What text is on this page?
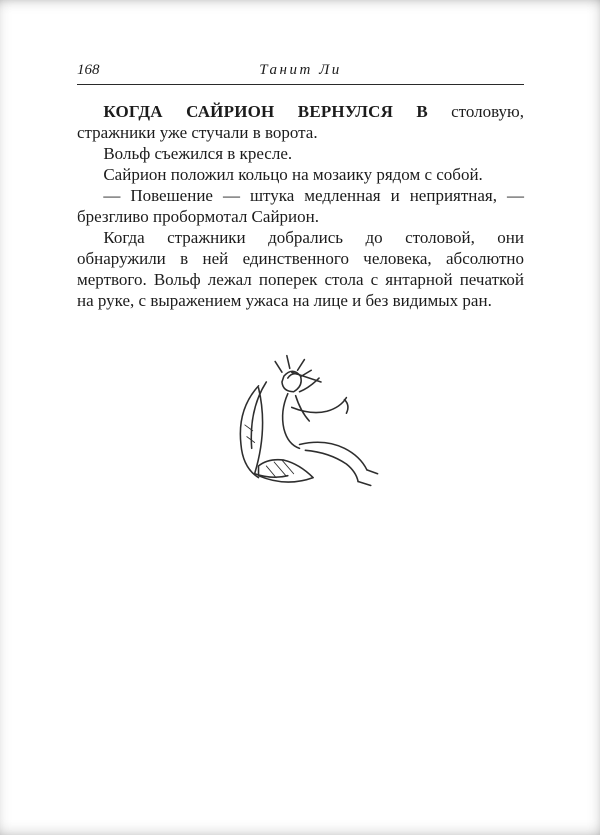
168	Танит Ли

КОГДА САЙРИОН ВЕРНУЛСЯ В столовую, стражники уже стучали в ворота.

Вольф съежился в кресле.

Сайрион положил кольцо на мозаику рядом с собой.

— Повешение — штука медленная и неприятная, — брезгливо пробормотал Сайрион.

Когда стражники добрались до столовой, они обнаружили в ней единственного человека, абсолютно мертвого. Вольф лежал поперек стола с янтарной печаткой на руке, с выражением ужаса на лице и без видимых ран.
